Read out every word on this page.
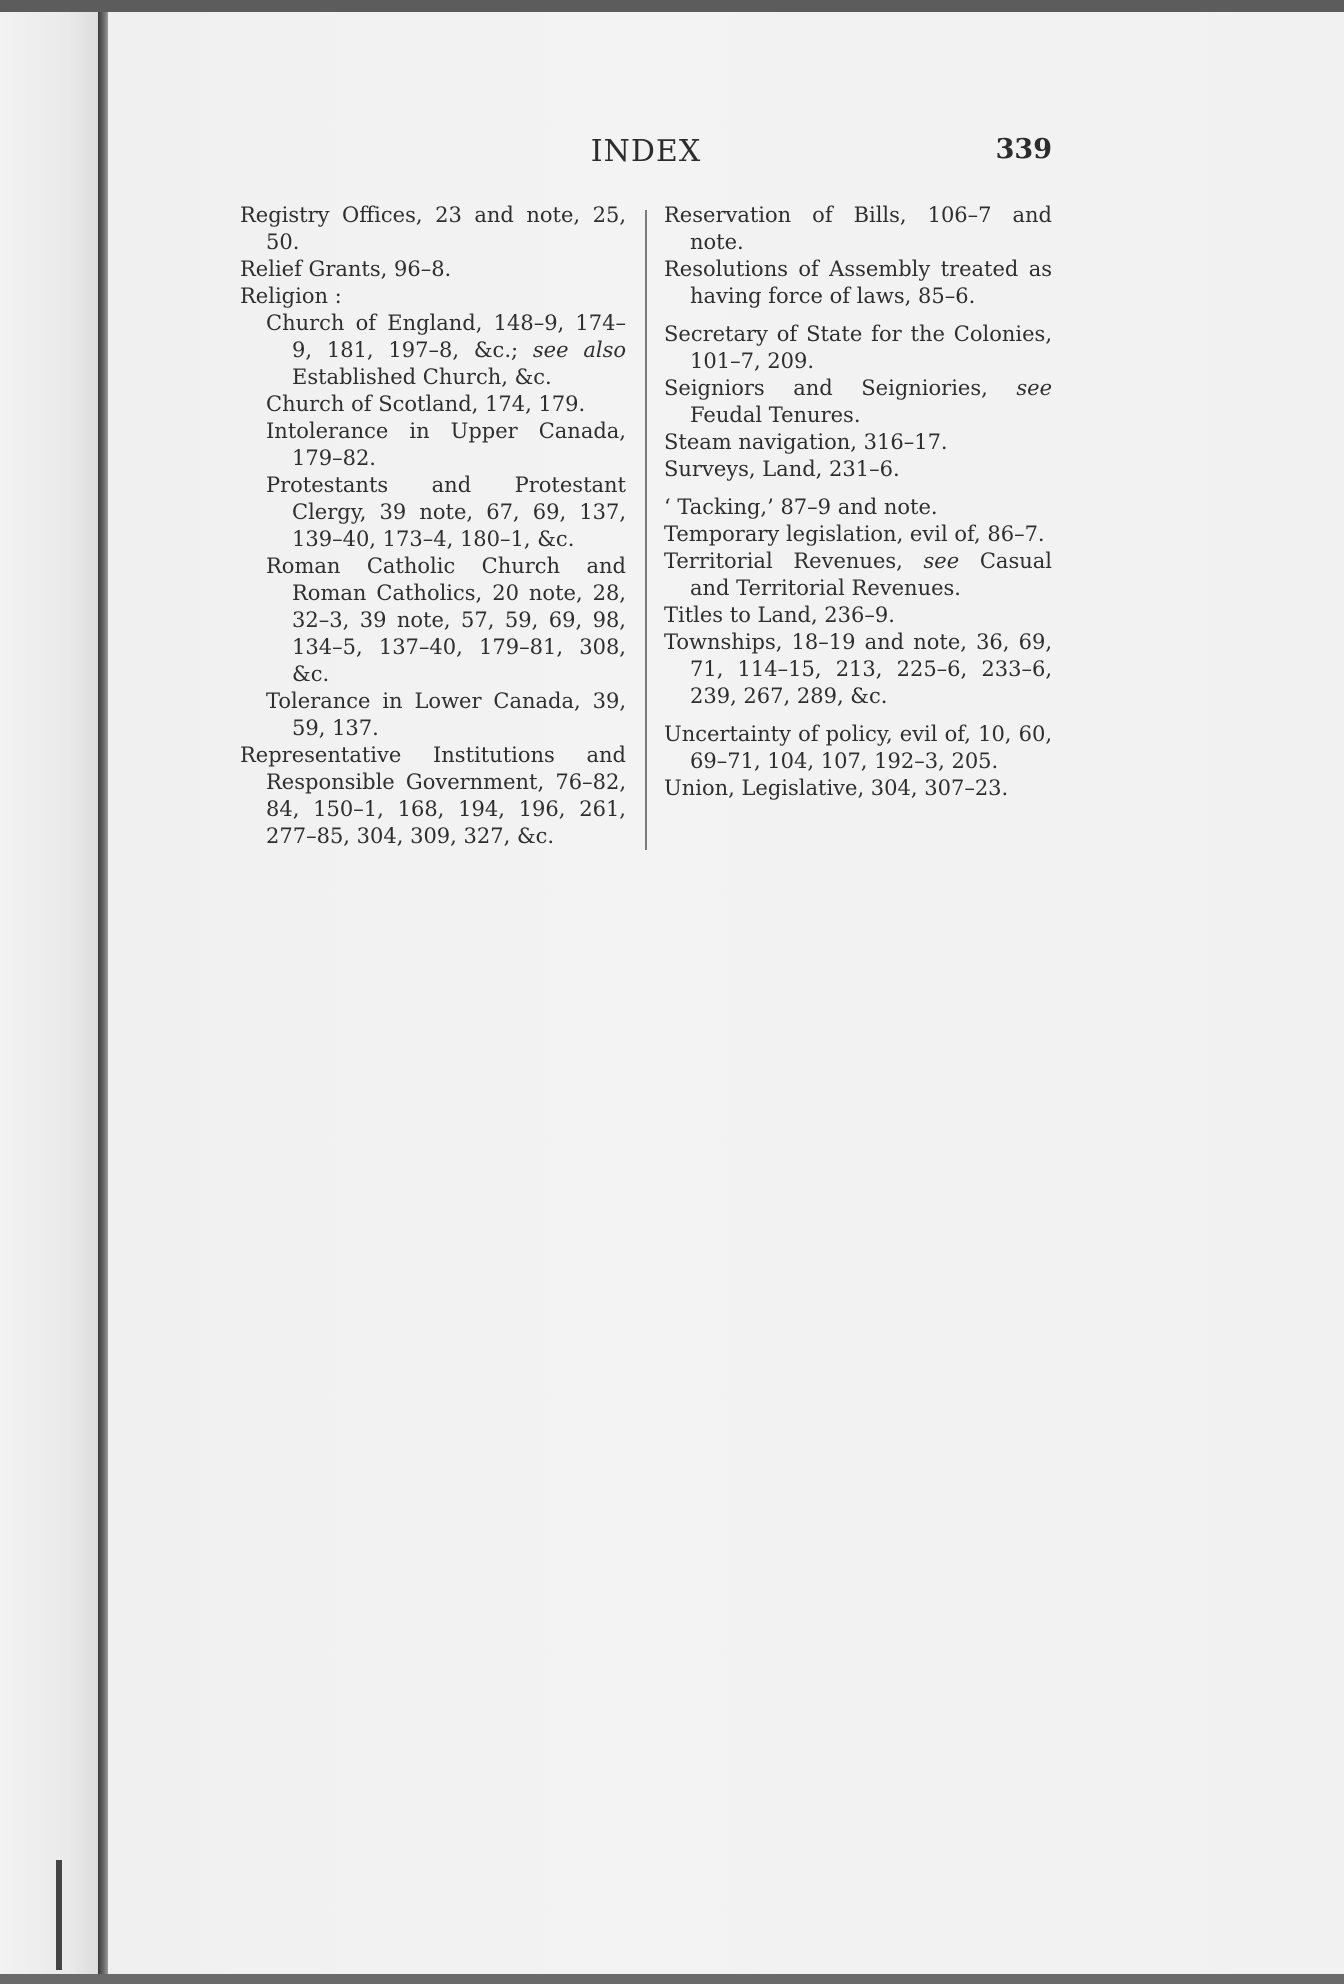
INDEX	339

Registry Offices, 23 and note, 25, 50.

Relief Grants, 96–8.

Religion :

Church of England, 148–9, 174–9, 181, 197–8, &c.; see also Established Church, &c.

Church of Scotland, 174, 179.

Intolerance in Upper Canada, 179–82.

Protestants and Protestant Clergy, 39 note, 67, 69, 137, 139–40, 173–4, 180–1, &c.

Roman Catholic Church and Roman Catholics, 20 note, 28, 32–3, 39 note, 57, 59, 69, 98, 134–5, 137–40, 179–81, 308, &c.

Tolerance in Lower Canada, 39, 59, 137.

Representative Institutions and Responsible Government, 76–82, 84, 150–1, 168, 194, 196, 261, 277–85, 304, 309, 327, &c.

Reservation of Bills, 106–7 and note.

Resolutions of Assembly treated as having force of laws, 85–6.

Secretary of State for the Colonies, 101–7, 209.

Seigniors and Seigniories, see Feudal Tenures.

Steam navigation, 316–17.

Surveys, Land, 231–6.

‘ Tacking,’ 87–9 and note.

Temporary legislation, evil of, 86–7.

Territorial Revenues, see Casual and Territorial Revenues.

Titles to Land, 236–9.

Townships, 18–19 and note, 36, 69, 71, 114–15, 213, 225–6, 233–6, 239, 267, 289, &c.

Uncertainty of policy, evil of, 10, 60, 69–71, 104, 107, 192–3, 205.

Union, Legislative, 304, 307–23.
